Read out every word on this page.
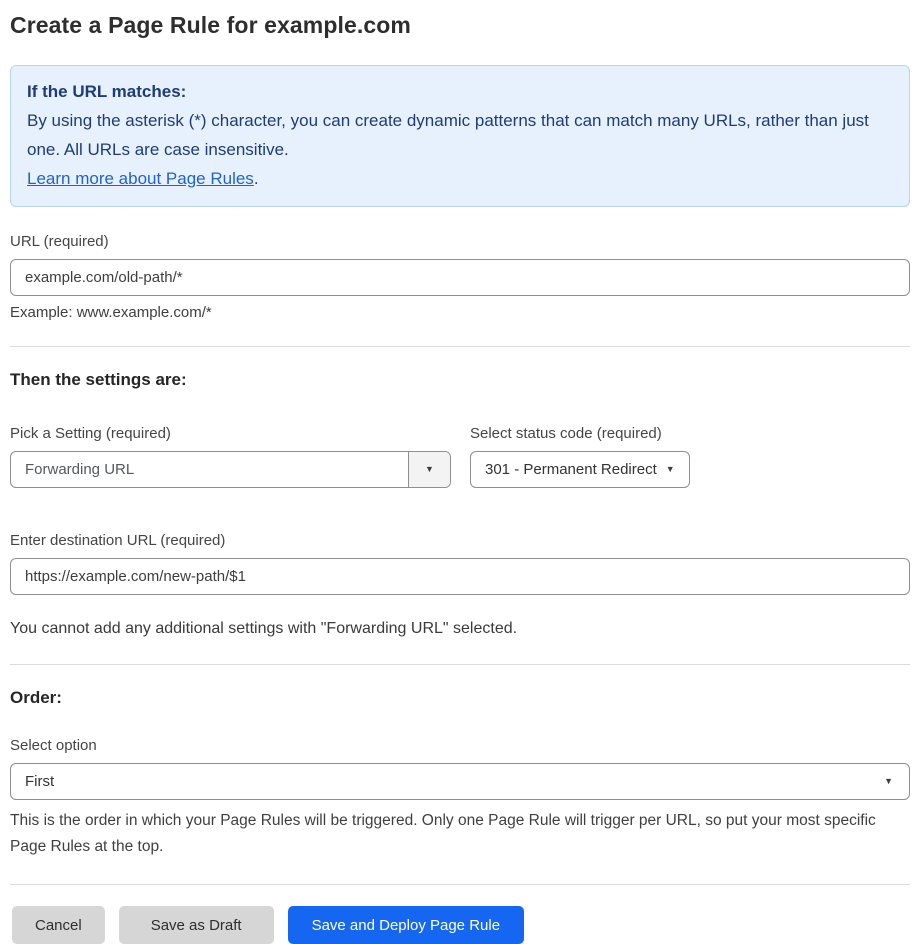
Create a Page Rule for example.com
If the URL matches:
By using the asterisk (*) character, you can create dynamic patterns that can match many URLs, rather than just one. All URLs are case insensitive.
Learn more about Page Rules.
URL (required)
example.com/old-path/*
Example: www.example.com/*
Then the settings are:
Pick a Setting (required)
Forwarding URL	▼
Select status code (required)
301 - Permanent Redirect ▼
Enter destination URL (required)
https://example.com/new-path/$1

You cannot add any additional settings with "Forwarding URL" selected.

Order:
Select option
First	▼
This is the order in which your Page Rules will be triggered. Only one Page Rule will trigger per URL, so put your most specific Page Rules at the top.
Cancel	Save as Draft	Save and Deploy Page Rule
